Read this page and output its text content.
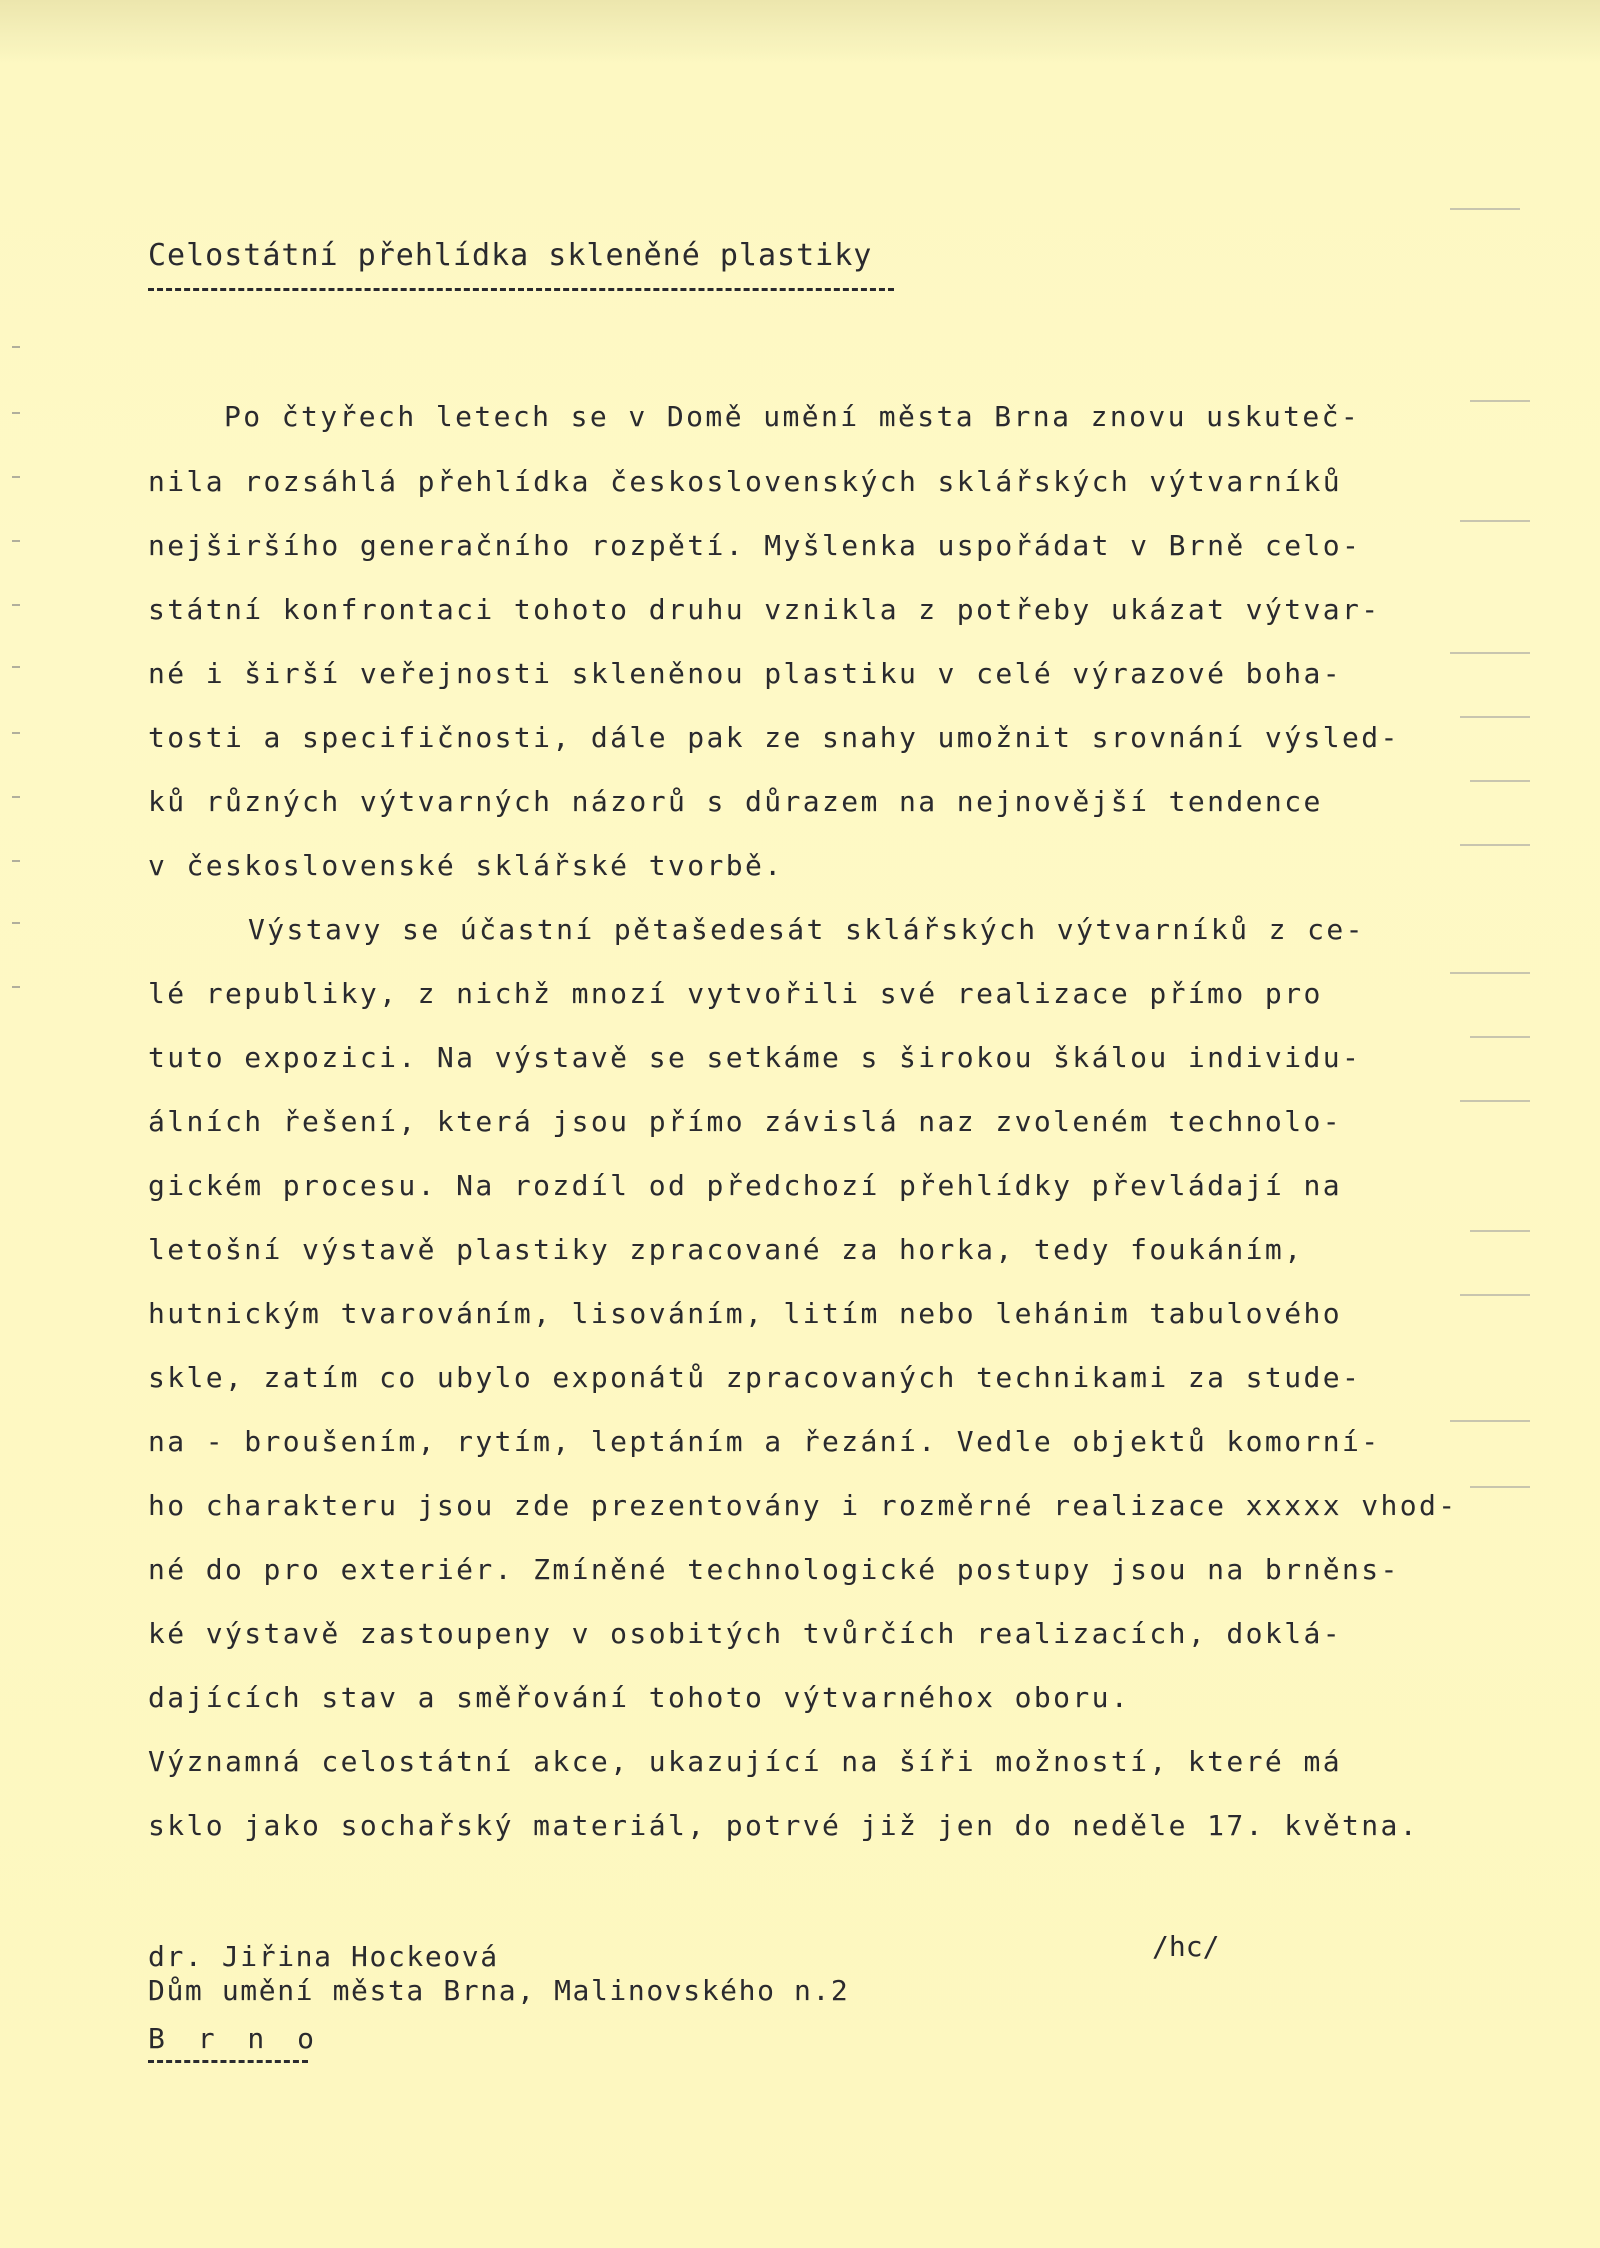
Celostátní přehlídka skleněné plastiky
Po čtyřech letech se v Domě umění města Brna znovu uskuteč-
nila rozsáhlá přehlídka československých sklářských výtvarníků
nejširšího generačního rozpětí. Myšlenka uspořádat v Brně celo-
státní konfrontaci tohoto druhu vznikla z potřeby ukázat výtvar-
né i širší veřejnosti skleněnou plastiku v celé výrazové boha-
tosti a specifičnosti, dále pak ze snahy umožnit srovnání výsled-
ků různých výtvarných názorů s důrazem na nejnovější tendence
v československé sklářské tvorbě.
Výstavy se účastní pětašedesát sklářských výtvarníků z ce-
lé republiky, z nichž mnozí vytvořili své realizace přímo pro
tuto expozici. Na výstavě se setkáme s širokou škálou individu-
álních řešení, která jsou přímo závislá naz zvoleném technolo-
gickém procesu. Na rozdíl od předchozí přehlídky převládají na
letošní výstavě plastiky zpracované za horka, tedy foukáním,
hutnickým tvarováním, lisováním, litím nebo lehánim tabulového
skle, zatím co ubylo exponátů zpracovaných technikami za stude-
na - broušením, rytím, leptáním a řezání. Vedle objektů komorní-
ho charakteru jsou zde prezentovány i rozměrné realizace xxxxx vhod-
né do pro exteriér. Zmíněné technologické postupy jsou na brněns-
ké výstavě zastoupeny v osobitých tvůrčích realizacích, doklá-
dajících stav a směřování tohoto výtvarnéhox oboru.
Významná celostátní akce, ukazující na šíři možností, které má
sklo jako sochařský materiál, potrvé již jen do neděle 17. května.
dr. Jiřina Hockeová
Dům umění města Brna, Malinovského n.2
/hc/
B r n o
